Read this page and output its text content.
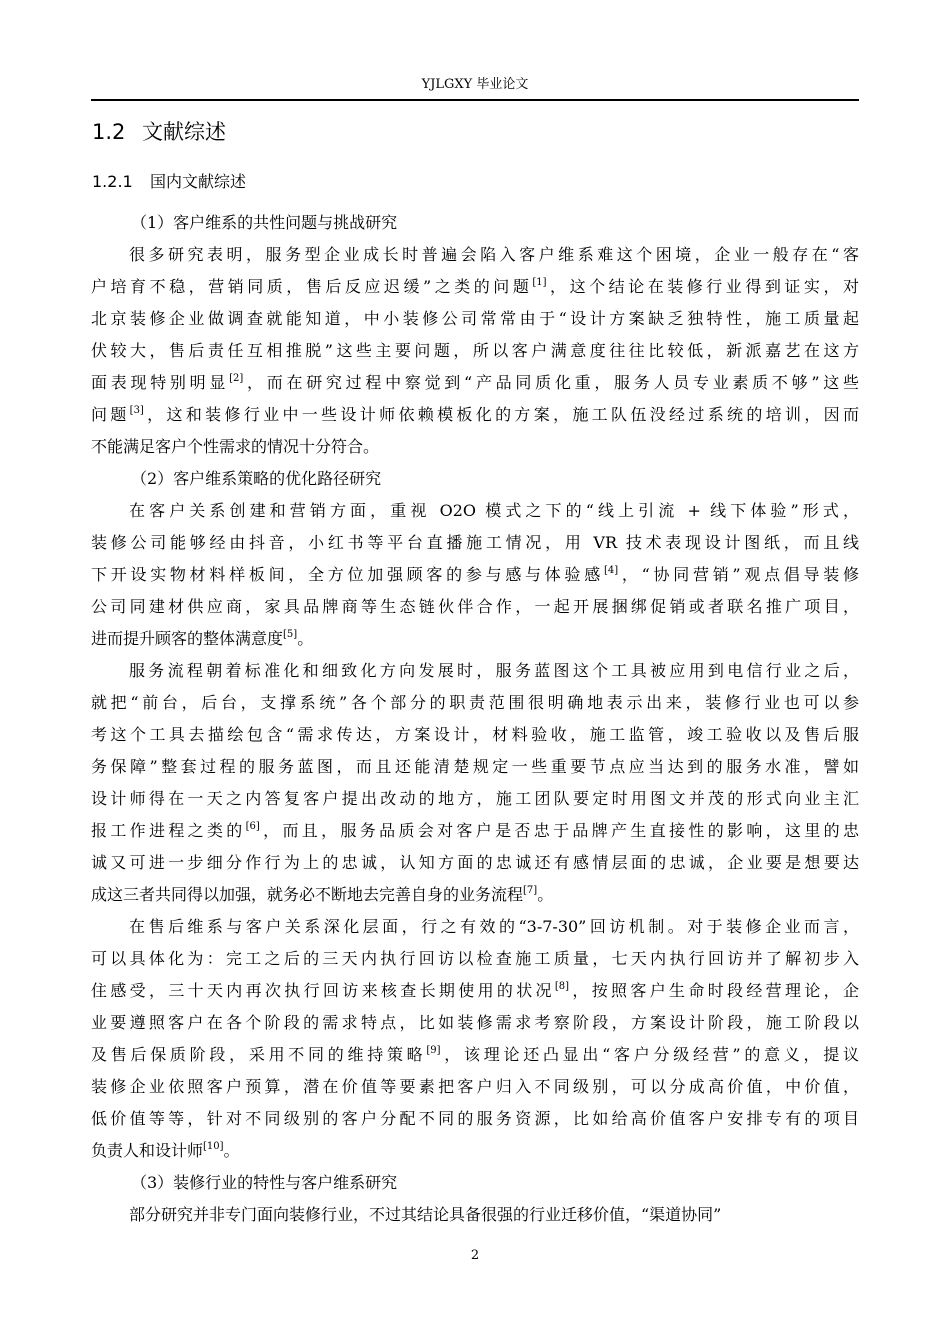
YJLGXY 毕业论文
1.2 文献综述
1.2.1 国内文献综述
（1）客户维系的共性问题与挑战研究
很多研究表明，服务型企业成长时普遍会陷入客户维系难这个困境，企业一般存在“客
户培育不稳，营销同质，售后反应迟缓”之类的问题[1]，这个结论在装修行业得到证实，对
北京装修企业做调查就能知道，中小装修公司常常由于“设计方案缺乏独特性，施工质量起
伏较大，售后责任互相推脱”这些主要问题，所以客户满意度往往比较低，新派嘉艺在这方
面表现特别明显[2]，而在研究过程中察觉到“产品同质化重，服务人员专业素质不够”这些
问题[3]，这和装修行业中一些设计师依赖模板化的方案，施工队伍没经过系统的培训，因而
不能满足客户个性需求的情况十分符合。
（2）客户维系策略的优化路径研究
在客户关系创建和营销方面，重视 O2O 模式之下的“线上引流 + 线下体验”形式，
装修公司能够经由抖音，小红书等平台直播施工情况，用 VR 技术表现设计图纸，而且线
下开设实物材料样板间，全方位加强顾客的参与感与体验感[4]，“协同营销”观点倡导装修
公司同建材供应商，家具品牌商等生态链伙伴合作，一起开展捆绑促销或者联名推广项目，
进而提升顾客的整体满意度[5]。
服务流程朝着标准化和细致化方向发展时，服务蓝图这个工具被应用到电信行业之后，
就把“前台，后台，支撑系统”各个部分的职责范围很明确地表示出来，装修行业也可以参
考这个工具去描绘包含“需求传达，方案设计，材料验收，施工监管，竣工验收以及售后服
务保障”整套过程的服务蓝图，而且还能清楚规定一些重要节点应当达到的服务水准，譬如
设计师得在一天之内答复客户提出改动的地方，施工团队要定时用图文并茂的形式向业主汇
报工作进程之类的[6]，而且，服务品质会对客户是否忠于品牌产生直接性的影响，这里的忠
诚又可进一步细分作行为上的忠诚，认知方面的忠诚还有感情层面的忠诚，企业要是想要达
成这三者共同得以加强，就务必不断地去完善自身的业务流程[7]。
在售后维系与客户关系深化层面，行之有效的“3-7-30”回访机制。对于装修企业而言，
可以具体化为：完工之后的三天内执行回访以检查施工质量，七天内执行回访并了解初步入
住感受，三十天内再次执行回访来核查长期使用的状况[8]，按照客户生命时段经营理论，企
业要遵照客户在各个阶段的需求特点，比如装修需求考察阶段，方案设计阶段，施工阶段以
及售后保质阶段，采用不同的维持策略[9]，该理论还凸显出“客户分级经营”的意义，提议
装修企业依照客户预算，潜在价值等要素把客户归入不同级别，可以分成高价值，中价值，
低价值等等，针对不同级别的客户分配不同的服务资源，比如给高价值客户安排专有的项目
负责人和设计师[10]。
（3）装修行业的特性与客户维系研究
部分研究并非专门面向装修行业，不过其结论具备很强的行业迁移价值，“渠道协同”
2
